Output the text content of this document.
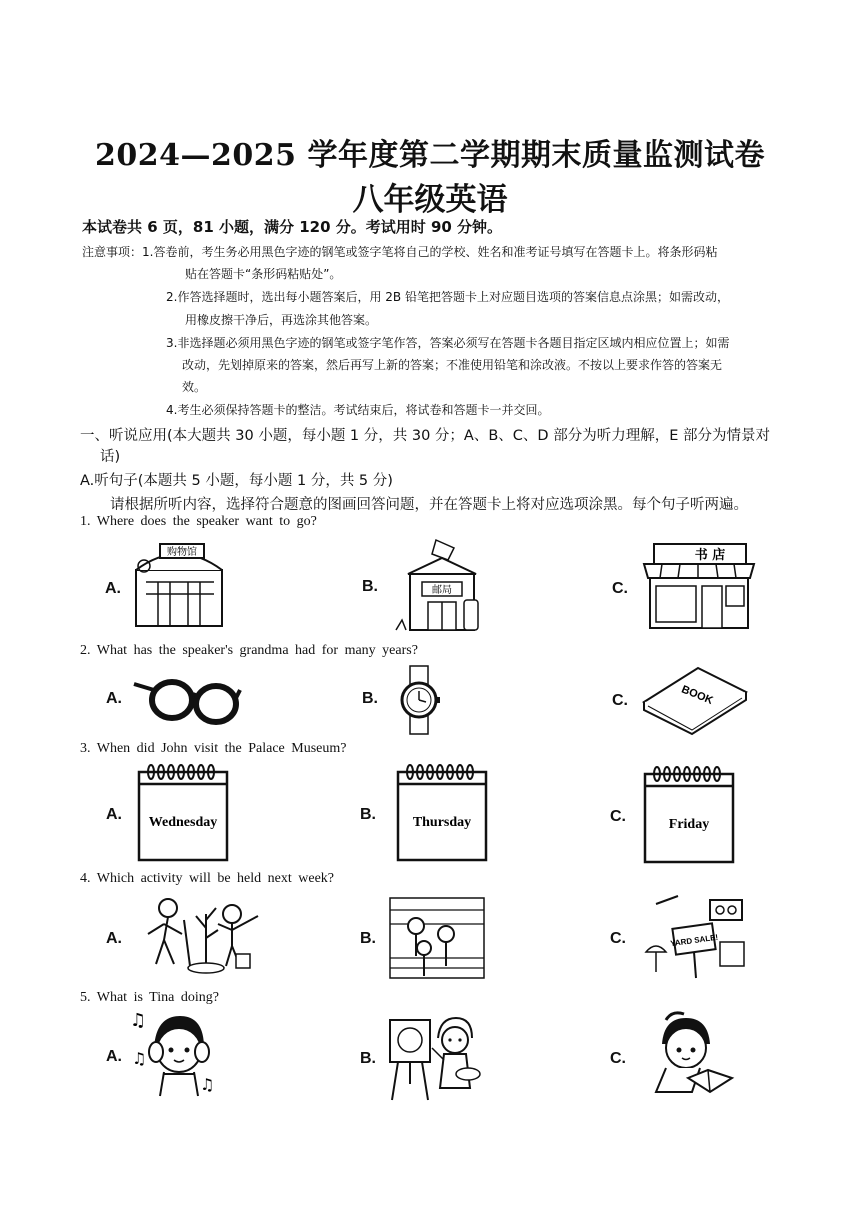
2024—2025 学年度第二学期期末质量监测试卷
八年级英语
本试卷共 6 页，81 小题，满分 120 分。考试用时 90 分钟。
注意事项： 1.答卷前，考生务必用黑色字迹的钢笔或签字笔将自己的学校、姓名和准考证号填写在答题卡上。将条形码粘
贴在答题卡“条形码粘贴处”。
2.作答选择题时，选出每小题答案后，用 2B 铅笔把答题卡上对应题目选项的答案信息点涂黑；如需改动，
用橡皮擦干净后，再选涂其他答案。
3.非选择题必须用黑色字迹的钢笔或签字笔作答，答案必须写在答题卡各题目指定区域内相应位置上；如需
改动，先划掉原来的答案，然后再写上新的答案；不准使用铅笔和涂改液。不按以上要求作答的答案无
效。
4.考生必须保持答题卡的整洁。考试结束后，将试卷和答题卡一并交回。
一、听说应用(本大题共 30 小题，每小题 1 分，共 30 分；A、B、C、D 部分为听力理解，E 部分为情景对
话)
A.听句子(本题共 5 小题，每小题 1 分，共 5 分)
请根据所听内容，选择符合题意的图画回答问题，并在答题卡上将对应选项涂黑。每个句子听两遍。
1. Where does the speaker want to go?
A.	B.	C.
购物馆
邮局
书 店
2. What has the speaker's grandma had for many years?
A.	B.	C.	BOOK
3. When did John visit the Palace Museum?
A.	B.	C.
Wednesday	Thursday	Friday
4. Which activity will be held next week?
A.	B.	C.	YARD SALE!
5. What is Tina doing?
A.	B.	C.
♫
♫
♫
